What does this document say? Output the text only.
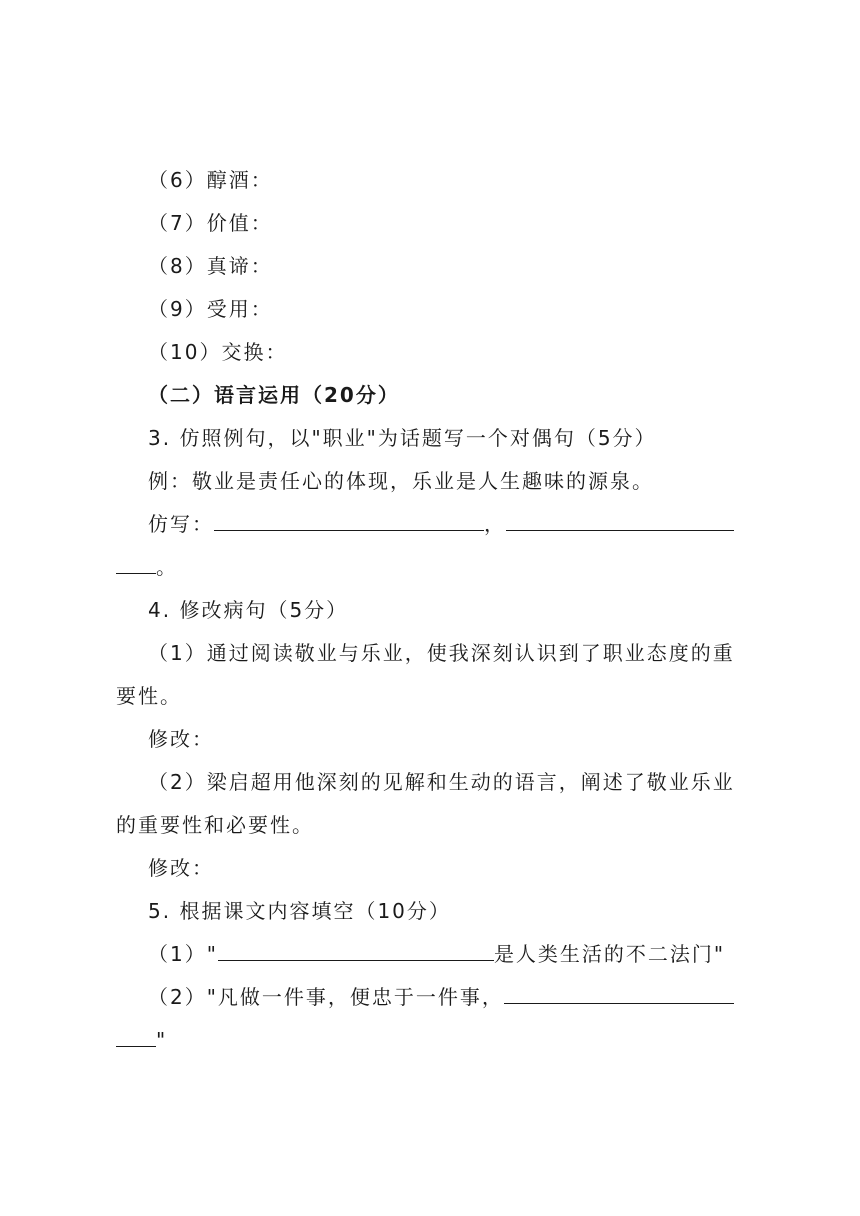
（6）醇酒：
（7）价值：
（8）真谛：
（9）受用：
（10）交换：
（二）语言运用（20分）
3. 仿照例句，以"职业"为话题写一个对偶句（5分）
例：敬业是责任心的体现，乐业是人生趣味的源泉。
仿写：	，
。
4. 修改病句（5分）
（1）通过阅读敬业与乐业，使我深刻认识到了职业态度的重
要性。
修改：
（2）梁启超用他深刻的见解和生动的语言，阐述了敬业乐业
的重要性和必要性。
修改：
5. 根据课文内容填空（10分）
（1）"	是人类生活的不二法门"
（2）"凡做一件事，便忠于一件事，
"
